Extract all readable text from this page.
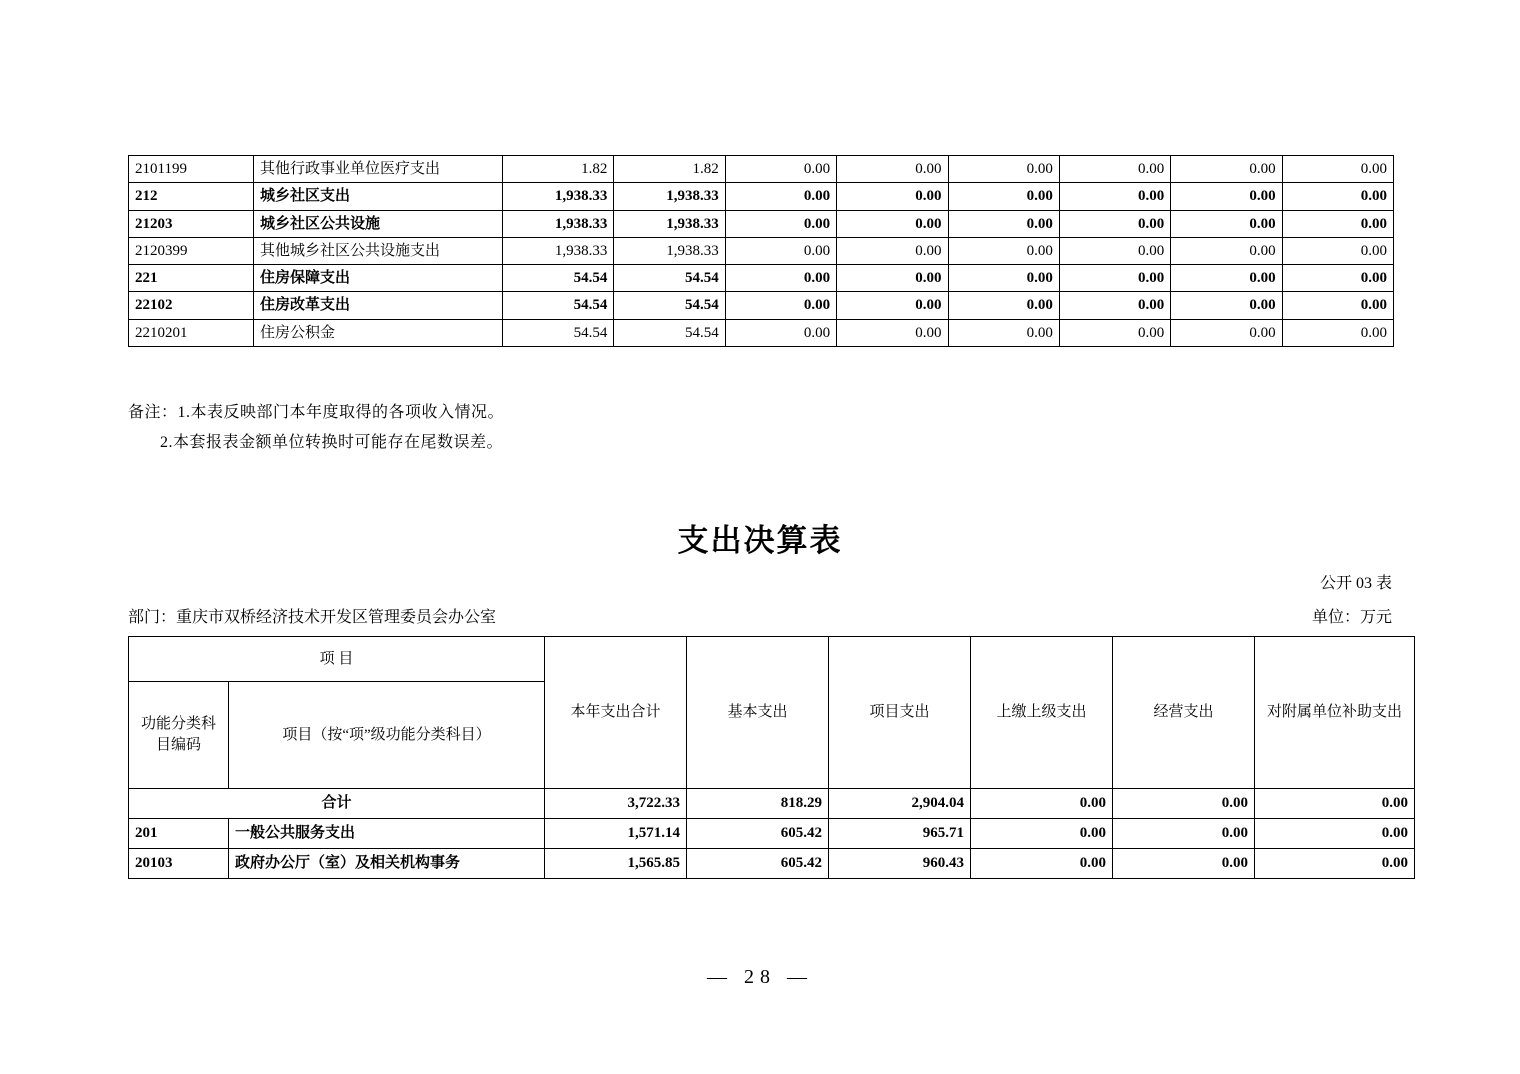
2101199	其他行政事业单位医疗支出	1.82	1.82	0.00	0.00	0.00	0.00	0.00	0.00
212	城乡社区支出	1,938.33	1,938.33	0.00	0.00	0.00	0.00	0.00	0.00
21203	城乡社区公共设施	1,938.33	1,938.33	0.00	0.00	0.00	0.00	0.00	0.00
2120399	其他城乡社区公共设施支出	1,938.33	1,938.33	0.00	0.00	0.00	0.00	0.00	0.00
221	住房保障支出	54.54	54.54	0.00	0.00	0.00	0.00	0.00	0.00
22102	住房改革支出	54.54	54.54	0.00	0.00	0.00	0.00	0.00	0.00
2210201	住房公积金	54.54	54.54	0.00	0.00	0.00	0.00	0.00	0.00
备注：1.本表反映部门本年度取得的各项收入情况。
2.本套报表金额单位转换时可能存在尾数误差。
支出决算表
公开 03 表
部门：重庆市双桥经济技术开发区管理委员会办公室	单位：万元
项 目		本年支出合计	基本支出	项目支出	上缴上级支出	经营支出	对附属单位补助支出
功能分类科目编码	项目（按“项”级功能分类科目）						
合计		3,722.33	818.29	2,904.04	0.00	0.00	0.00
201	一般公共服务支出	1,571.14	605.42	965.71	0.00	0.00	0.00
20103	政府办公厅（室）及相关机构事务	1,565.85	605.42	960.43	0.00	0.00	0.00
— 28 —
